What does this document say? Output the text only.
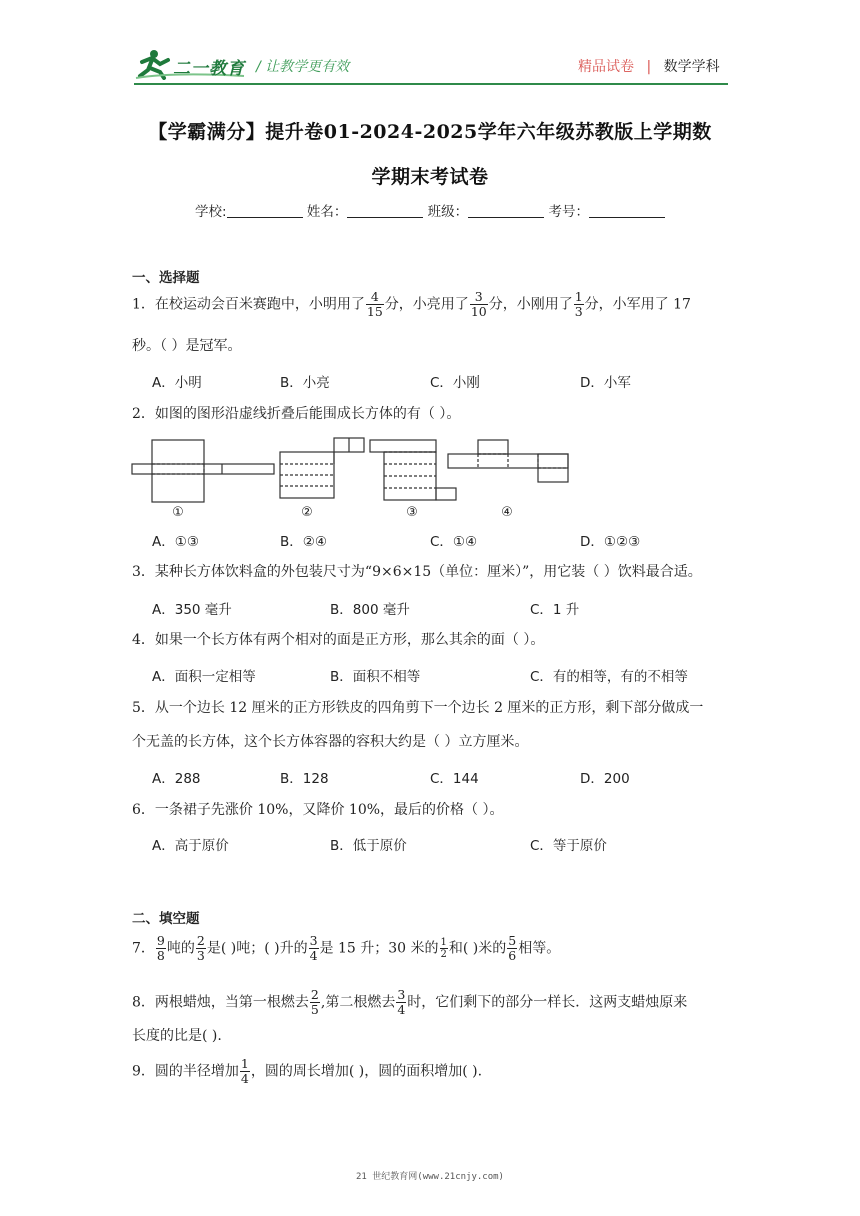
二一教育 / 让教学更有效	精品试卷 | 数学学科
【学霸满分】提升卷01-2024-2025学年六年级苏教版上学期数
学期末考试卷
学校:	姓名：	班级：	考号：
一、选择题
1．在校运动会百米赛跑中，小明用了 $\frac{4}{15}$ 分，小亮用了 $\frac{3}{10}$ 分，小刚用了 $\frac{1}{3}$ 分，小军用了 17
秒。（ ）是冠军。
A．小明	B．小亮	C．小刚	D．小军
2．如图的图形沿虚线折叠后能围成长方体的有（ ）。
①	②	③	④
A．①③	B．②④	C．①④	D．①②③
3．某种长方体饮料盒的外包装尺寸为“9×6×15（单位：厘米）”，用它装（ ）饮料最合适。
A．350 毫升	B．800 毫升	C．1 升
4．如果一个长方体有两个相对的面是正方形，那么其余的面（ ）。
A．面积一定相等	B．面积不相等	C．有的相等，有的不相等
5．从一个边长 12 厘米的正方形铁皮的四角剪下一个边长 2 厘米的正方形，剩下部分做成一
个无盖的长方体，这个长方体容器的容积大约是（ ）立方厘米。
A．288	B．128	C．144	D．200
6．一条裙子先涨价 10%，又降价 10%，最后的价格（ ）。
A．高于原价	B．低于原价	C．等于原价
二、填空题
7． $\frac{9}{8}$ 吨的 $\frac{2}{3}$ 是( )吨；( )升的 $\frac{3}{4}$ 是 15 升；30 米的 $\frac{1}{2}$ 和( )米的 $\frac{5}{6}$ 相等。
8．两根蜡烛，当第一根燃去 $\frac{2}{5}$ ,第二根燃去 $\frac{3}{4}$ 时，它们剩下的部分一样长．这两支蜡烛原来
长度的比是( ).
9．圆的半径增加 $\frac{1}{4}$ ，圆的周长增加( )，圆的面积增加( ).
21 世纪教育网(www.21cnjy.com)
